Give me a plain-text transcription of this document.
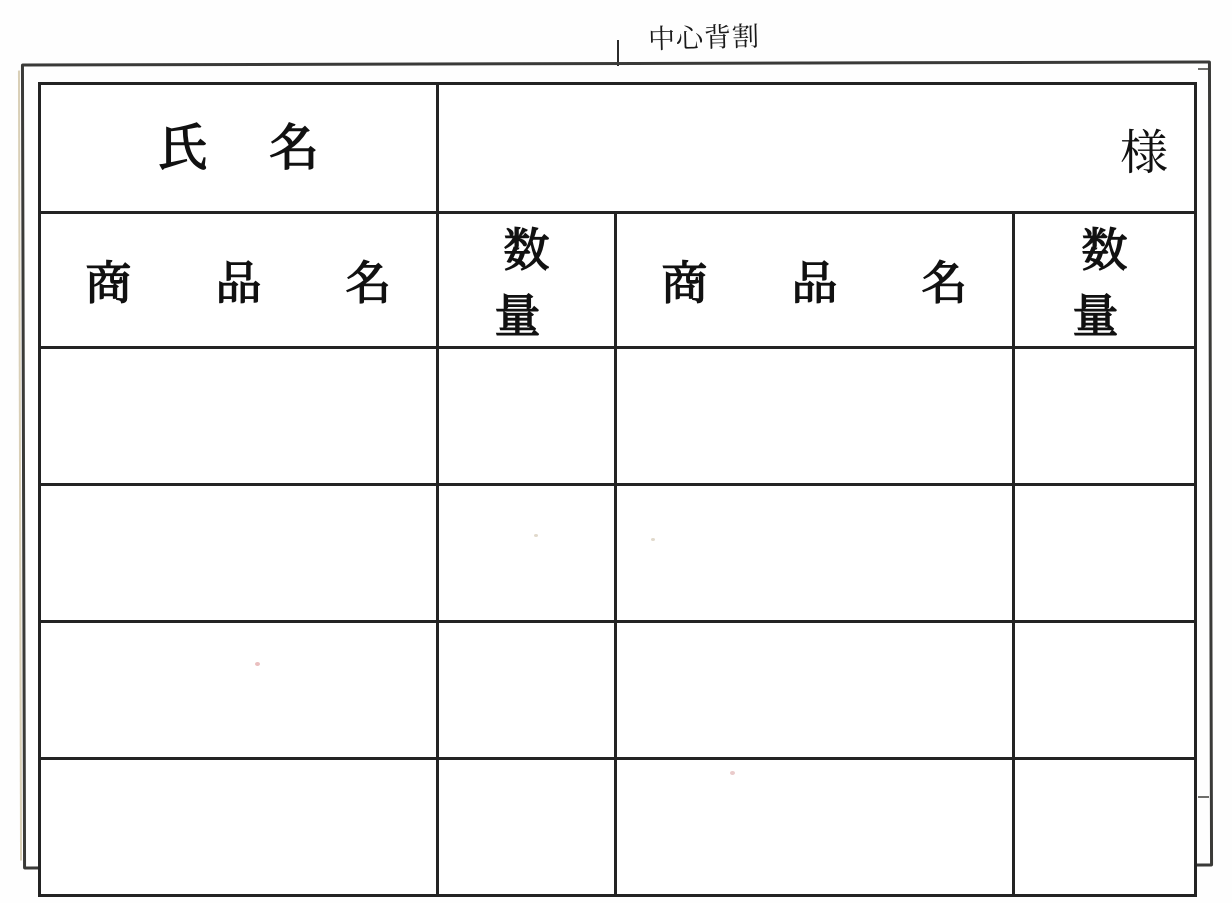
中心背割
氏 名	様		
商 品 名	数 量	商 品 名	数 量
